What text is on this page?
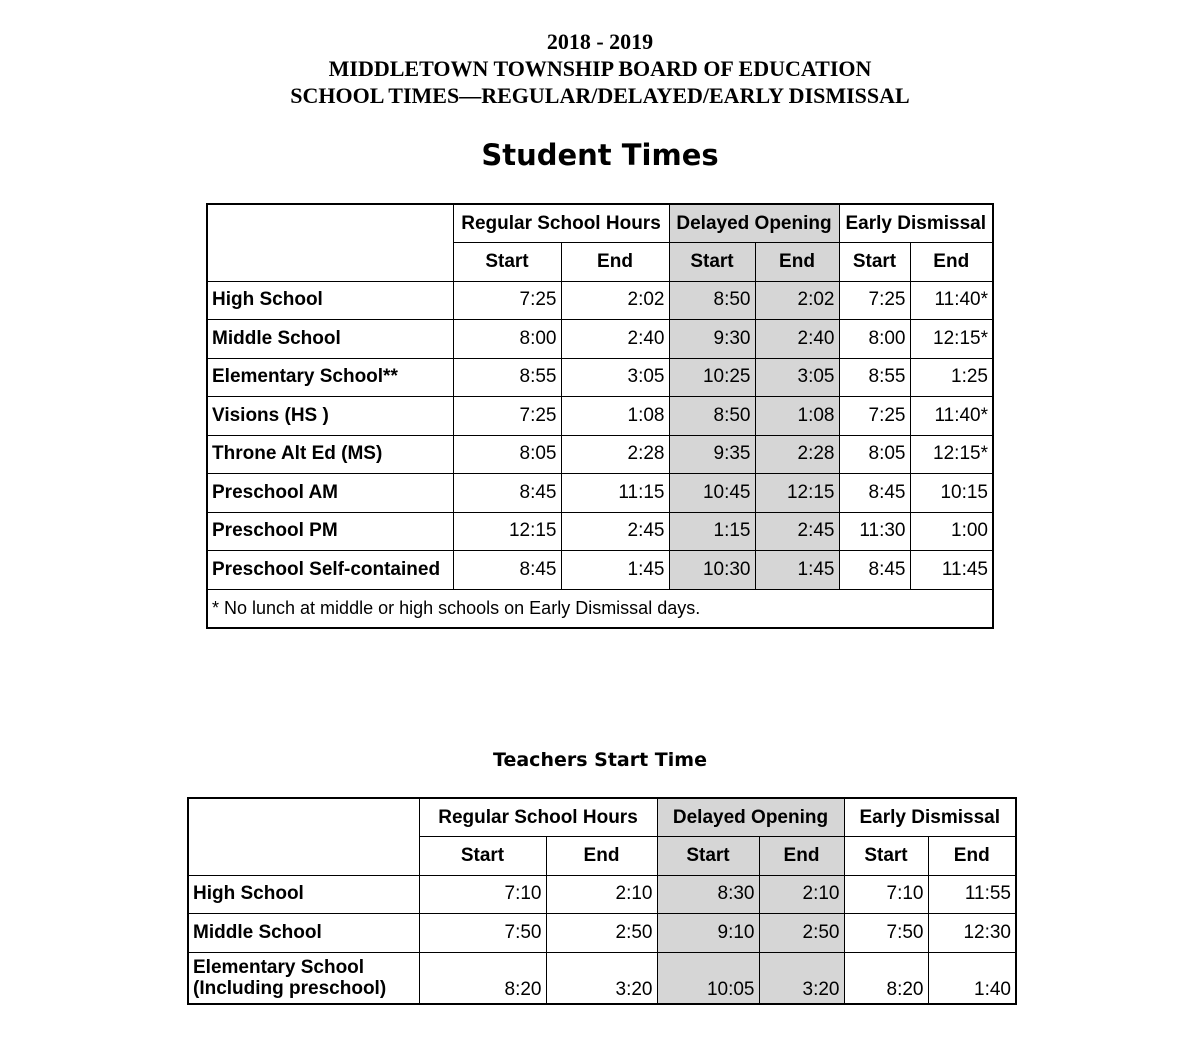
2018 - 2019
MIDDLETOWN TOWNSHIP BOARD OF EDUCATION
SCHOOL TIMES—REGULAR/DELAYED/EARLY DISMISSAL
Student Times
	Regular School Hours		Delayed Opening		Early Dismissal	
	Start	End	Start	End	Start	End
High School	7:25	2:02	8:50	2:02	7:25	11:40*
Middle School	8:00	2:40	9:30	2:40	8:00	12:15*
Elementary School**	8:55	3:05	10:25	3:05	8:55	1:25
Visions (HS )	7:25	1:08	8:50	1:08	7:25	11:40*
Throne Alt Ed (MS)	8:05	2:28	9:35	2:28	8:05	12:15*
Preschool AM	8:45	11:15	10:45	12:15	8:45	10:15
Preschool PM	12:15	2:45	1:15	2:45	11:30	1:00
Preschool Self-contained	8:45	1:45	10:30	1:45	8:45	11:45
* No lunch at middle or high schools on Early Dismissal days.						
Teachers Start Time
	Regular School Hours		Delayed Opening		Early Dismissal	
	Start	End	Start	End	Start	End
High School	7:10	2:10	8:30	2:10	7:10	11:55
Middle School	7:50	2:50	9:10	2:50	7:50	12:30

Elementary School
(Including preschool)	8:20	3:20	10:05	3:20	8:20	1:40
